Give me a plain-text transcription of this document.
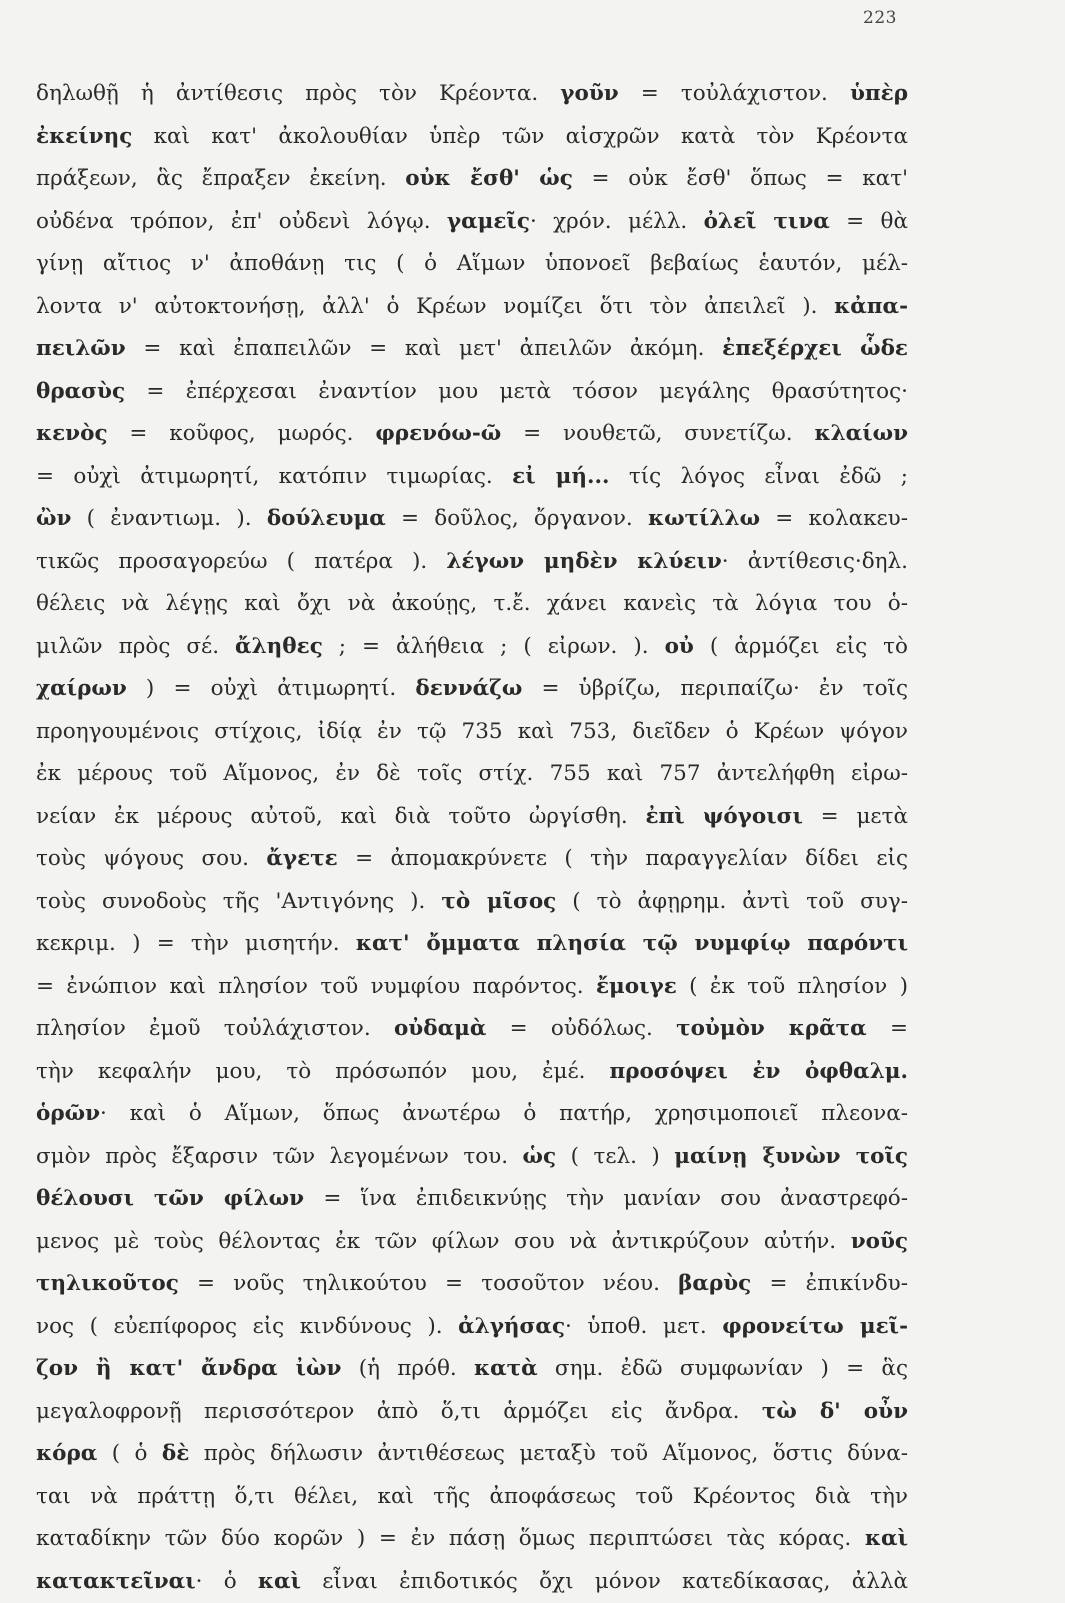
223
δηλωθῇ ἡ ἀντίθεσις πρὸς τὸν Κρέοντα. γοῦν = τοὐλάχιστον. ὑπὲρ
ἐκείνης καὶ κατ' ἀκολουθίαν ὑπὲρ τῶν αἰσχρῶν κατὰ τὸν Κρέοντα
πράξεων, ἃς ἔπραξεν ἐκείνη. οὐκ ἔσθ' ὡς = οὐκ ἔσθ' ὅπως = κατ'
οὐδένα τρόπον, ἐπ' οὐδενὶ λόγῳ. γαμεῖς· χρόν. μέλλ. ὀλεῖ τινα = θὰ
γίνῃ αἴτιος ν' ἀποθάνῃ τις ( ὁ Αἵμων ὑπονοεῖ βεβαίως ἑαυτόν, μέλ-
λοντα ν' αὐτοκτονήσῃ, ἀλλ' ὁ Κρέων νομίζει ὅτι τὸν ἀπειλεῖ ). κἀπα-
πειλῶν = καὶ ἐπαπειλῶν = καὶ μετ' ἀπειλῶν ἀκόμη. ἐπεξέρχει ὧδε
θρασὺς = ἐπέρχεσαι ἐναντίον μου μετὰ τόσον μεγάλης θρασύτητος·
κενὸς = κοῦφος, μωρός. φρενόω-ῶ = νουθετῶ, συνετίζω. κλαίων
= οὐχὶ ἀτιμωρητί, κατόπιν τιμωρίας. εἰ μή... τίς λόγος εἶναι ἐδῶ ;
ὢν ( ἐναντιωμ. ). δούλευμα = δοῦλος, ὄργανον. κωτίλλω = κολακευ-
τικῶς προσαγορεύω ( πατέρα ). λέγων μηδὲν κλύειν· ἀντίθεσις·δηλ.
θέλεις νὰ λέγῃς καὶ ὄχι νὰ ἀκούῃς, τ.ἔ. χάνει κανεὶς τὰ λόγια του ὁ-
μιλῶν πρὸς σέ. ἄληθες ; = ἀλήθεια ; ( εἰρων. ). οὐ ( ἁρμόζει εἰς τὸ
χαίρων ) = οὐχὶ ἀτιμωρητί. δεννάζω = ὑβρίζω, περιπαίζω· ἐν τοῖς
προηγουμένοις στίχοις, ἰδίᾳ ἐν τῷ 735 καὶ 753, διεῖδεν ὁ Κρέων ψόγον
ἐκ μέρους τοῦ Αἵμονος, ἐν δὲ τοῖς στίχ. 755 καὶ 757 ἀντελήφθη εἰρω-
νείαν ἐκ μέρους αὐτοῦ, καὶ διὰ τοῦτο ὠργίσθη. ἐπὶ ψόγοισι = μετὰ
τοὺς ψόγους σου. ἄγετε = ἀπομακρύνετε ( τὴν παραγγελίαν δίδει εἰς
τοὺς συνοδοὺς τῆς 'Αντιγόνης ). τὸ μῖσος ( τὸ ἀφῃρημ. ἀντὶ τοῦ συγ-
κεκριμ. ) = τὴν μισητήν. κατ' ὄμματα πλησία τῷ νυμφίῳ παρόντι
= ἐνώπιον καὶ πλησίον τοῦ νυμφίου παρόντος. ἔμοιγε ( ἐκ τοῦ πλησίον )
πλησίον ἐμοῦ τοὐλάχιστον. οὐδαμὰ = οὐδόλως. τοὐμὸν κρᾶτα =
τὴν κεφαλήν μου, τὸ πρόσωπόν μου, ἐμέ. προσόψει ἐν ὀφθαλμ.
ὁρῶν· καὶ ὁ Αἵμων, ὅπως ἀνωτέρω ὁ πατήρ, χρησιμοποιεῖ πλεονα-
σμὸν πρὸς ἔξαρσιν τῶν λεγομένων του. ὡς ( τελ. ) μαίνῃ ξυνὼν τοῖς
θέλουσι τῶν φίλων = ἵνα ἐπιδεικνύῃς τὴν μανίαν σου ἀναστρεφό-
μενος μὲ τοὺς θέλοντας ἐκ τῶν φίλων σου νὰ ἀντικρύζουν αὐτήν. νοῦς
τηλικοῦτος = νοῦς τηλικούτου = τοσοῦτον νέου. βαρὺς = ἐπικίνδυ-
νος ( εὐεπίφορος εἰς κινδύνους ). ἀλγήσας· ὑποθ. μετ. φρονείτω μεῖ-
ζον ἢ κατ' ἄνδρα ἰὼν (ἡ πρόθ. κατὰ σημ. ἐδῶ συμφωνίαν ) = ἃς
μεγαλοφρονῇ περισσότερον ἀπὸ ὅ,τι ἁρμόζει εἰς ἄνδρα. τὼ δ' οὖν
κόρα ( ὁ δὲ πρὸς δήλωσιν ἀντιθέσεως μεταξὺ τοῦ Αἵμονος, ὅστις δύνα-
ται νὰ πράττῃ ὅ,τι θέλει, καὶ τῆς ἀποφάσεως τοῦ Κρέοντος διὰ τὴν
καταδίκην τῶν δύο κορῶν ) = ἐν πάσῃ ὅμως περιπτώσει τὰς κόρας. καὶ
κατακτεῖναι· ὁ καὶ εἶναι ἐπιδοτικός ὄχι μόνον κατεδίκασας, ἀλλὰ
